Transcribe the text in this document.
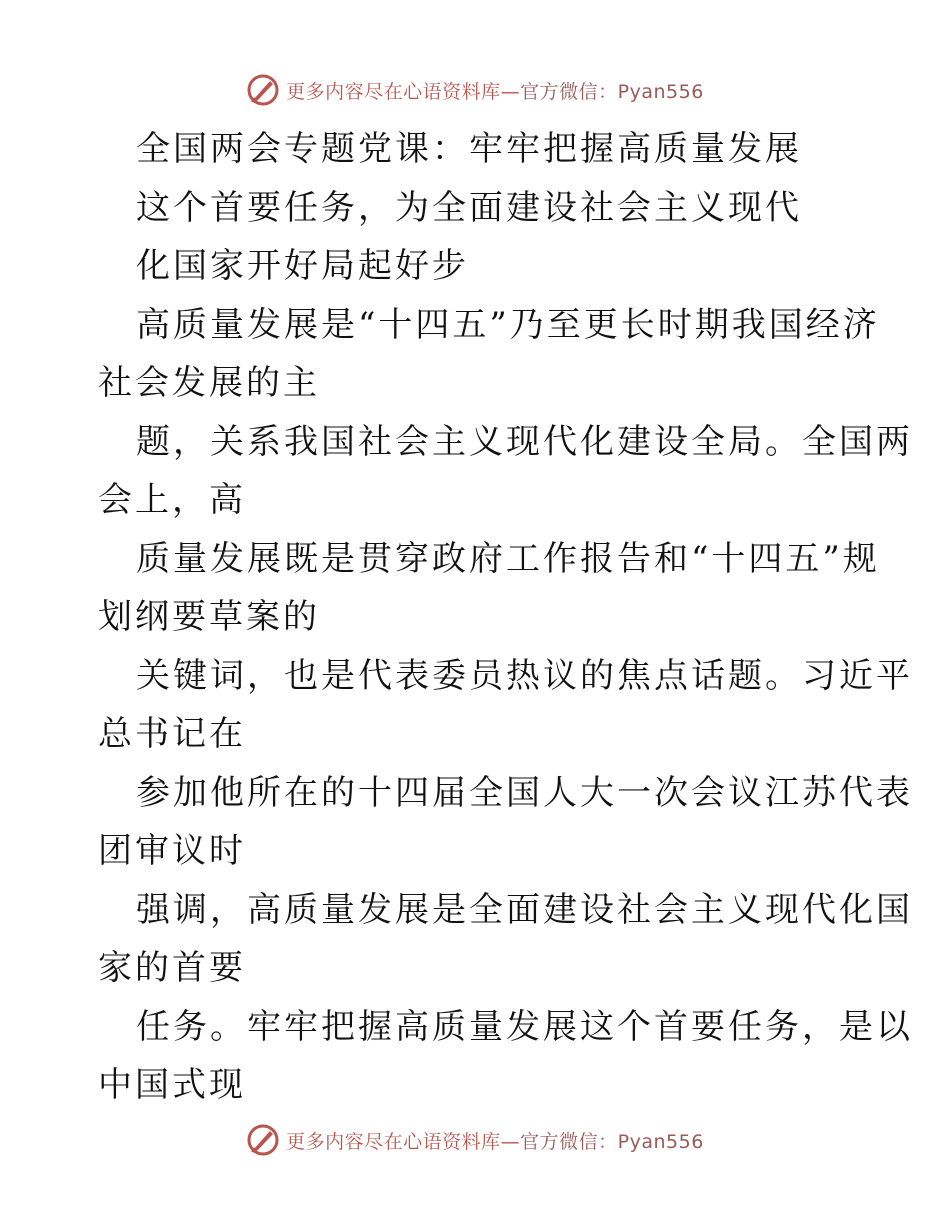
更多内容尽在心语资料库—官方微信：Pyan556
全国两会专题党课：牢牢把握高质量发展
这个首要任务，为全面建设社会主义现代
化国家开好局起好步
高质量发展是“十四五”乃至更长时期我国经济
社会发展的主
题，关系我国社会主义现代化建设全局。全国两
会上，高
质量发展既是贯穿政府工作报告和“十四五”规
划纲要草案的
关键词，也是代表委员热议的焦点话题。习近平
总书记在
参加他所在的十四届全国人大一次会议江苏代表
团审议时
强调，高质量发展是全面建设社会主义现代化国
家的首要
任务。牢牢把握高质量发展这个首要任务，是以
中国式现
更多内容尽在心语资料库—官方微信：Pyan556
